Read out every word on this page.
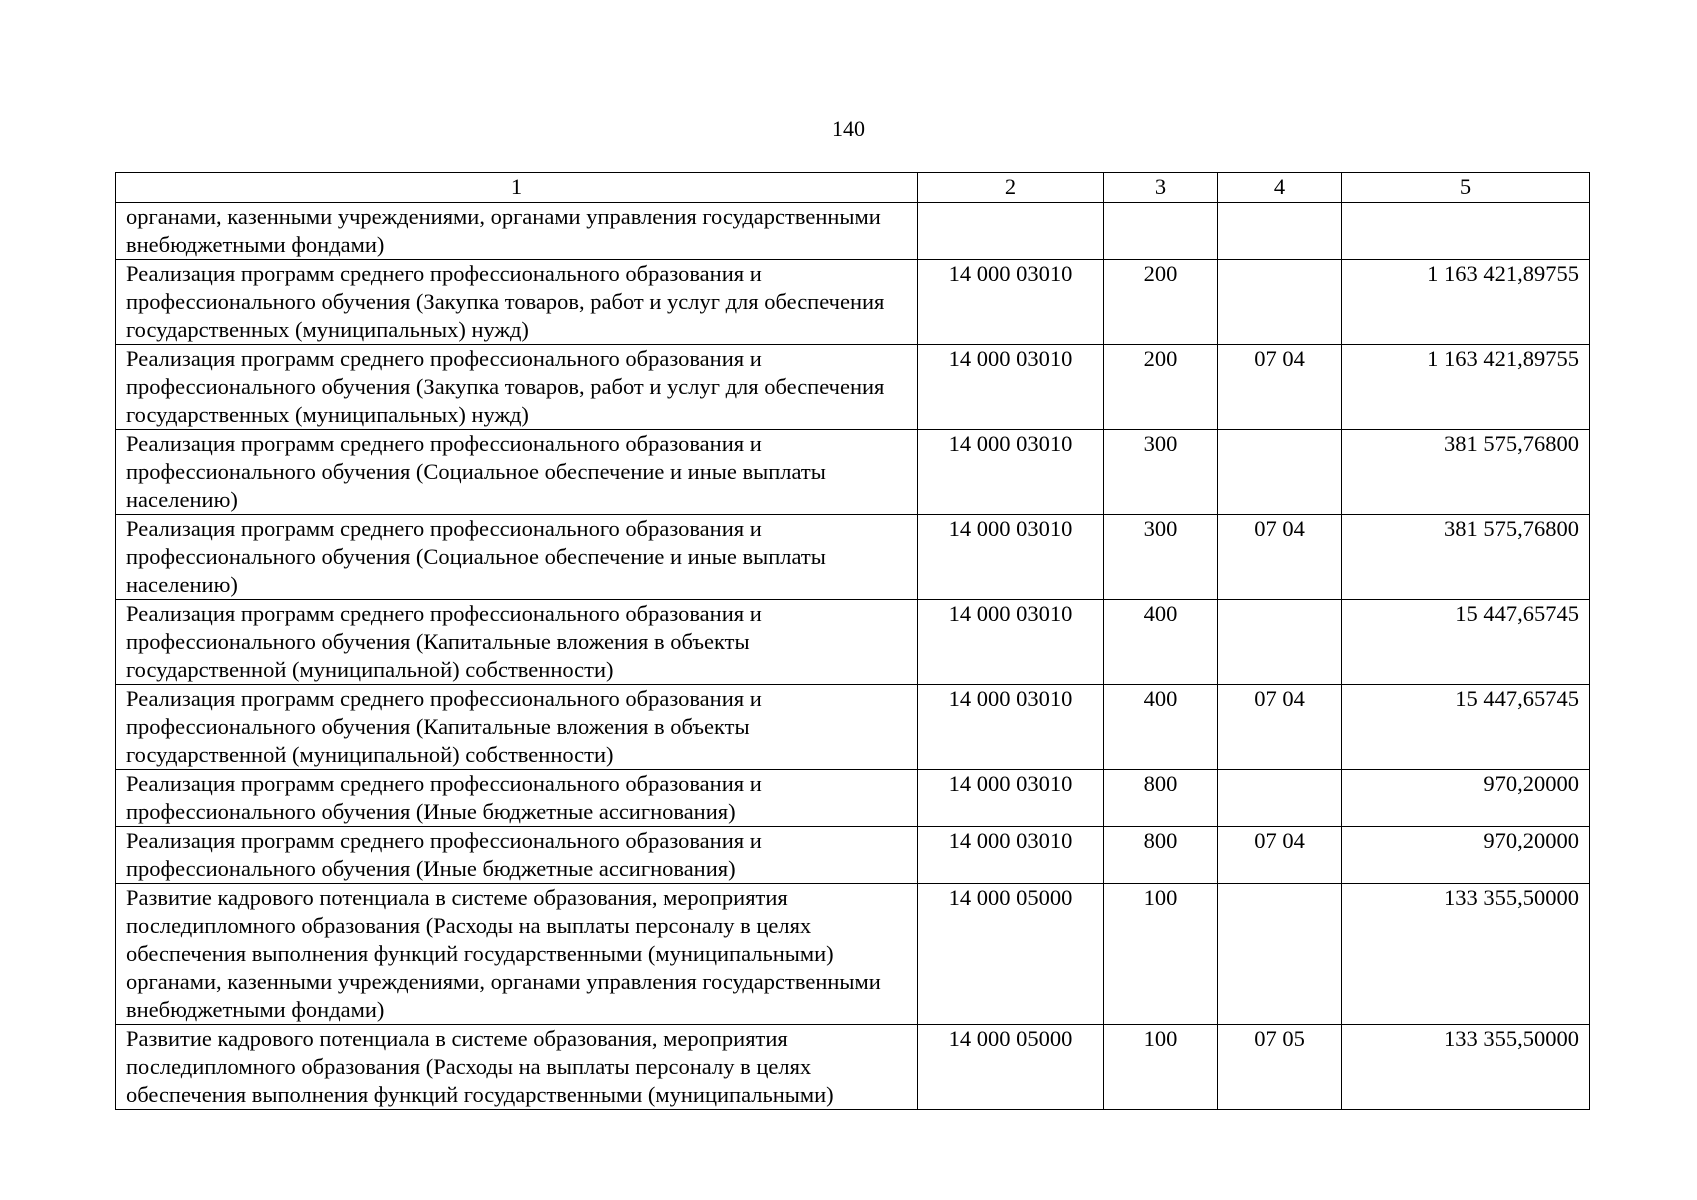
140
1	2	3	4	5
органами, казенными учреждениями, органами управления государственными внебюджетными фондами)				
Реализация программ среднего профессионального образования и профессионального обучения (Закупка товаров, работ и услуг для обеспечения государственных (муниципальных) нужд)	14 000 03010	200		1 163 421,89755
Реализация программ среднего профессионального образования и профессионального обучения (Закупка товаров, работ и услуг для обеспечения государственных (муниципальных) нужд)	14 000 03010	200	07 04	1 163 421,89755
Реализация программ среднего профессионального образования и профессионального обучения (Социальное обеспечение и иные выплаты населению)	14 000 03010	300		381 575,76800
Реализация программ среднего профессионального образования и профессионального обучения (Социальное обеспечение и иные выплаты населению)	14 000 03010	300	07 04	381 575,76800
Реализация программ среднего профессионального образования и профессионального обучения (Капитальные вложения в объекты государственной (муниципальной) собственности)	14 000 03010	400		15 447,65745
Реализация программ среднего профессионального образования и профессионального обучения (Капитальные вложения в объекты государственной (муниципальной) собственности)	14 000 03010	400	07 04	15 447,65745
Реализация программ среднего профессионального образования и профессионального обучения (Иные бюджетные ассигнования)	14 000 03010	800		970,20000
Реализация программ среднего профессионального образования и профессионального обучения (Иные бюджетные ассигнования)	14 000 03010	800	07 04	970,20000
Развитие кадрового потенциала в системе образования, мероприятия последипломного образования (Расходы на выплаты персоналу в целях обеспечения выполнения функций государственными (муниципальными) органами, казенными учреждениями, органами управления государственными внебюджетными фондами)	14 000 05000	100		133 355,50000
Развитие кадрового потенциала в системе образования, мероприятия последипломного образования (Расходы на выплаты персоналу в целях обеспечения выполнения функций государственными (муниципальными)	14 000 05000	100	07 05	133 355,50000
